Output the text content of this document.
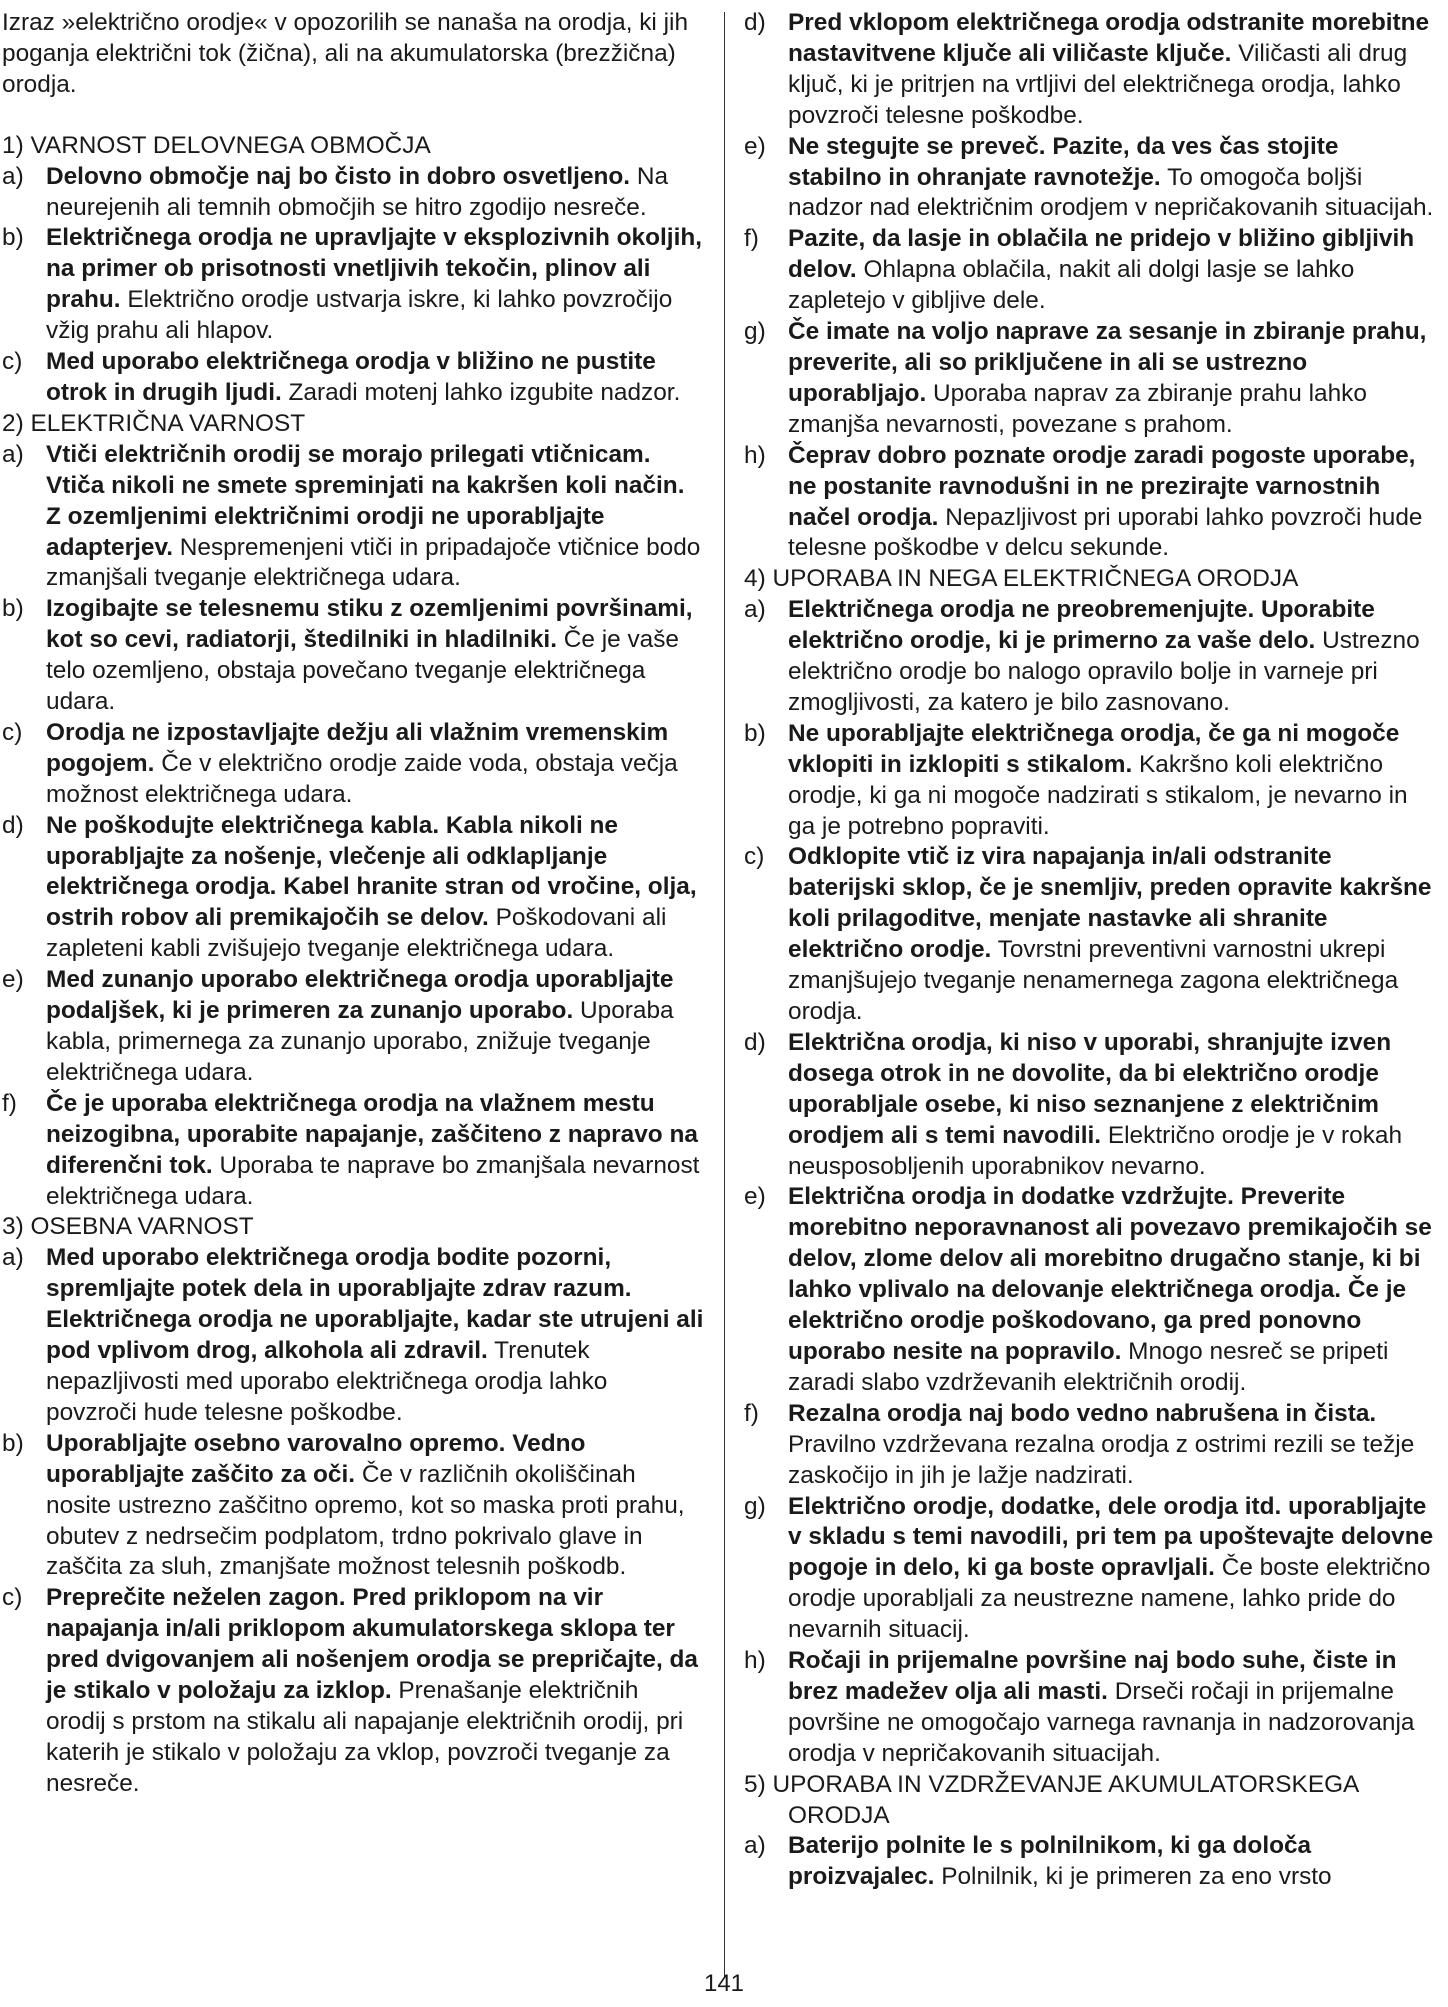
Izraz »električno orodje« v opozorilih se nanaša na orodja, ki jih poganja električni tok (žična), ali na akumulatorska (brezžična) orodja.

1) VARNOST DELOVNEGA OBMOČJA

a) Delovno območje naj bo čisto in dobro osvetljeno. Na neurejenih ali temnih območjih se hitro zgodijo nesreče.

b) Električnega orodja ne upravljajte v eksplozivnih okoljih, na primer ob prisotnosti vnetljivih tekočin, plinov ali prahu. Električno orodje ustvarja iskre, ki lahko povzročijo vžig prahu ali hlapov.

c) Med uporabo električnega orodja v bližino ne pustite otrok in drugih ljudi. Zaradi motenj lahko izgubite nadzor.

2) ELEKTRIČNA VARNOST

a) Vtiči električnih orodij se morajo prilegati vtičnicam. Vtiča nikoli ne smete spreminjati na kakršen koli način. Z ozemljenimi električnimi orodji ne uporabljajte adapterjev. Nespremenjeni vtiči in pripadajoče vtičnice bodo zmanjšali tveganje električnega udara.

b) Izogibajte se telesnemu stiku z ozemljenimi površinami, kot so cevi, radiatorji, štedilniki in hladilniki. Če je vaše telo ozemljeno, obstaja povečano tveganje električnega udara.

c) Orodja ne izpostavljajte dežju ali vlažnim vremenskim pogojem. Če v električno orodje zaide voda, obstaja večja možnost električnega udara.

d) Ne poškodujte električnega kabla. Kabla nikoli ne uporabljajte za nošenje, vlečenje ali odklapljanje električnega orodja. Kabel hranite stran od vročine, olja, ostrih robov ali premikajočih se delov. Poškodovani ali zapleteni kabli zvišujejo tveganje električnega udara.

e) Med zunanjo uporabo električnega orodja uporabljajte podaljšek, ki je primeren za zunanjo uporabo. Uporaba kabla, primernega za zunanjo uporabo, znižuje tveganje električnega udara.

f) Če je uporaba električnega orodja na vlažnem mestu neizogibna, uporabite napajanje, zaščiteno z napravo na diferenčni tok. Uporaba te naprave bo zmanjšala nevarnost električnega udara.

3) OSEBNA VARNOST

a) Med uporabo električnega orodja bodite pozorni, spremljajte potek dela in uporabljajte zdrav razum. Električnega orodja ne uporabljajte, kadar ste utrujeni ali pod vplivom drog, alkohola ali zdravil. Trenutek nepazljivosti med uporabo električnega orodja lahko povzroči hude telesne poškodbe.

b) Uporabljajte osebno varovalno opremo. Vedno uporabljajte zaščito za oči. Če v različnih okoliščinah nosite ustrezno zaščitno opremo, kot so maska proti prahu, obutev z nedrsečim podplatom, trdno pokrivalo glave in zaščita za sluh, zmanjšate možnost telesnih poškodb.

c) Preprečite neželen zagon. Pred priklopom na vir napajanja in/ali priklopom akumulatorskega sklopa ter pred dvigovanjem ali nošenjem orodja se prepričajte, da je stikalo v položaju za izklop. Prenašanje električnih orodij s prstom na stikalu ali napajanje električnih orodij, pri katerih je stikalo v položaju za vklop, povzroči tveganje za nesreče.

d) Pred vklopom električnega orodja odstranite morebitne nastavitvene ključe ali viličaste ključe. Viličasti ali drug ključ, ki je pritrjen na vrtljivi del električnega orodja, lahko povzroči telesne poškodbe.

e) Ne stegujte se preveč. Pazite, da ves čas stojite stabilno in ohranjate ravnotežje. To omogoča boljši nadzor nad električnim orodjem v nepričakovanih situacijah.

f) Pazite, da lasje in oblačila ne pridejo v bližino gibljivih delov. Ohlapna oblačila, nakit ali dolgi lasje se lahko zapletejo v gibljive dele.

g) Če imate na voljo naprave za sesanje in zbiranje prahu, preverite, ali so priključene in ali se ustrezno uporabljajo. Uporaba naprav za zbiranje prahu lahko zmanjša nevarnosti, povezane s prahom.

h) Čeprav dobro poznate orodje zaradi pogoste uporabe, ne postanite ravnodušni in ne prezirajte varnostnih načel orodja. Nepazljivost pri uporabi lahko povzroči hude telesne poškodbe v delcu sekunde.

4) UPORABA IN NEGA ELEKTRIČNEGA ORODJA

a) Električnega orodja ne preobremenjujte. Uporabite električno orodje, ki je primerno za vaše delo. Ustrezno električno orodje bo nalogo opravilo bolje in varneje pri zmogljivosti, za katero je bilo zasnovano.

b) Ne uporabljajte električnega orodja, če ga ni mogoče vklopiti in izklopiti s stikalom. Kakršno koli električno orodje, ki ga ni mogoče nadzirati s stikalom, je nevarno in ga je potrebno popraviti.

c) Odklopite vtič iz vira napajanja in/ali odstranite baterijski sklop, če je snemljiv, preden opravite kakršne koli prilagoditve, menjate nastavke ali shranite električno orodje. Tovrstni preventivni varnostni ukrepi zmanjšujejo tveganje nenamernega zagona električnega orodja.

d) Električna orodja, ki niso v uporabi, shranjujte izven dosega otrok in ne dovolite, da bi električno orodje uporabljale osebe, ki niso seznanjene z električnim orodjem ali s temi navodili. Električno orodje je v rokah neusposobljenih uporabnikov nevarno.

e) Električna orodja in dodatke vzdržujte. Preverite morebitno neporavnanost ali povezavo premikajočih se delov, zlome delov ali morebitno drugačno stanje, ki bi lahko vplivalo na delovanje električnega orodja. Če je električno orodje poškodovano, ga pred ponovno uporabo nesite na popravilo. Mnogo nesreč se pripeti zaradi slabo vzdrževanih električnih orodij.

f) Rezalna orodja naj bodo vedno nabrušena in čista. Pravilno vzdrževana rezalna orodja z ostrimi rezili se težje zaskočijo in jih je lažje nadzirati.

g) Električno orodje, dodatke, dele orodja itd. uporabljajte v skladu s temi navodili, pri tem pa upoštevajte delovne pogoje in delo, ki ga boste opravljali. Če boste električno orodje uporabljali za neustrezne namene, lahko pride do nevarnih situacij.

h) Ročaji in prijemalne površine naj bodo suhe, čiste in brez madežev olja ali masti. Drseči ročaji in prijemalne površine ne omogočajo varnega ravnanja in nadzorovanja orodja v nepričakovanih situacijah.

5) UPORABA IN VZDRŽEVANJE AKUMULATORSKEGA ORODJA

a) Baterijo polnite le s polnilnikom, ki ga določa proizvajalec. Polnilnik, ki je primeren za eno vrsto

141
